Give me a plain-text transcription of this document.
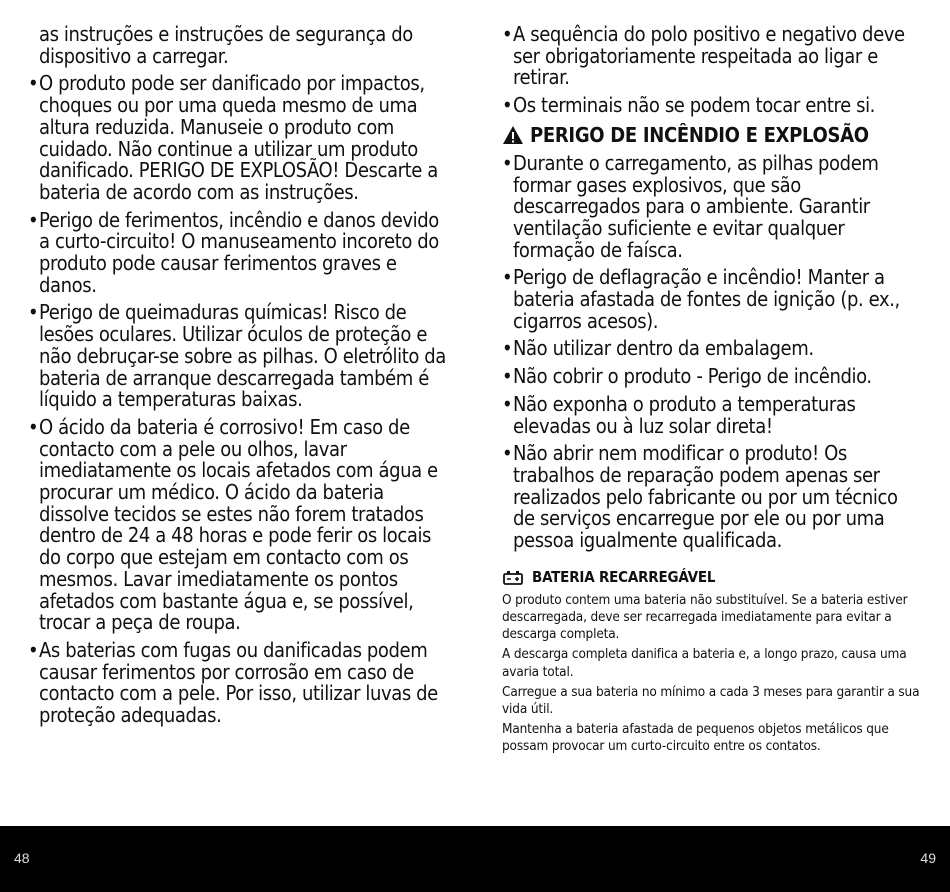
as instruções e instruções de segurança do dispositivo a carregar.

• O produto pode ser danificado por impactos, choques ou por uma queda mesmo de uma altura reduzida. Manuseie o produto com cuidado. Não continue a utilizar um produto danificado. PERIGO DE EXPLOSÃO! Descarte a bateria de acordo com as instruções.
• Perigo de ferimentos, incêndio e danos devido a curto-circuito! O manuseamento incoreto do produto pode causar ferimentos graves e danos.
• Perigo de queimaduras químicas! Risco de lesões oculares. Utilizar óculos de proteção e não debruçar-se sobre as pilhas. O eletrólito da bateria de arranque descarregada também é líquido a temperaturas baixas.
• O ácido da bateria é corrosivo! Em caso de contacto com a pele ou olhos, lavar imediatamente os locais afetados com água e procurar um médico. O ácido da bateria dissolve tecidos se estes não forem tratados dentro de 24 a 48 horas e pode ferir os locais do corpo que estejam em contacto com os mesmos. Lavar imediatamente os pontos afetados com bastante água e, se possível, trocar a peça de roupa.
• As baterias com fugas ou danificadas podem causar ferimentos por corrosão em caso de contacto com a pele. Por isso, utilizar luvas de proteção adequadas.
• A sequência do polo positivo e negativo deve ser obrigatoriamente respeitada ao ligar e retirar.
• Os terminais não se podem tocar entre si.
PERIGO DE INCÊNDIO E EXPLOSÃO
• Durante o carregamento, as pilhas podem formar gases explosivos, que são descarregados para o ambiente. Garantir ventilação suficiente e evitar qualquer formação de faísca.
• Perigo de deflagração e incêndio! Manter a bateria afastada de fontes de ignição (p. ex., cigarros acesos).
• Não utilizar dentro da embalagem.
• Não cobrir o produto - Perigo de incêndio.
• Não exponha o produto a temperaturas elevadas ou à luz solar direta!
• Não abrir nem modificar o produto! Os trabalhos de reparação podem apenas ser realizados pelo fabricante ou por um técnico de serviços encarregue por ele ou por uma pessoa igualmente qualificada.
BATERIA RECARREGÁVEL

O produto contem uma bateria não substituível. Se a bateria estiver descarregada, deve ser recarregada imediatamente para evitar a descarga completa.

A descarga completa danifica a bateria e, a longo prazo, causa uma avaria total.

Carregue a sua bateria no mínimo a cada 3 meses para garantir a sua vida útil.

Mantenha a bateria afastada de pequenos objetos metálicos que possam provocar um curto-circuito entre os contatos.

48	49
